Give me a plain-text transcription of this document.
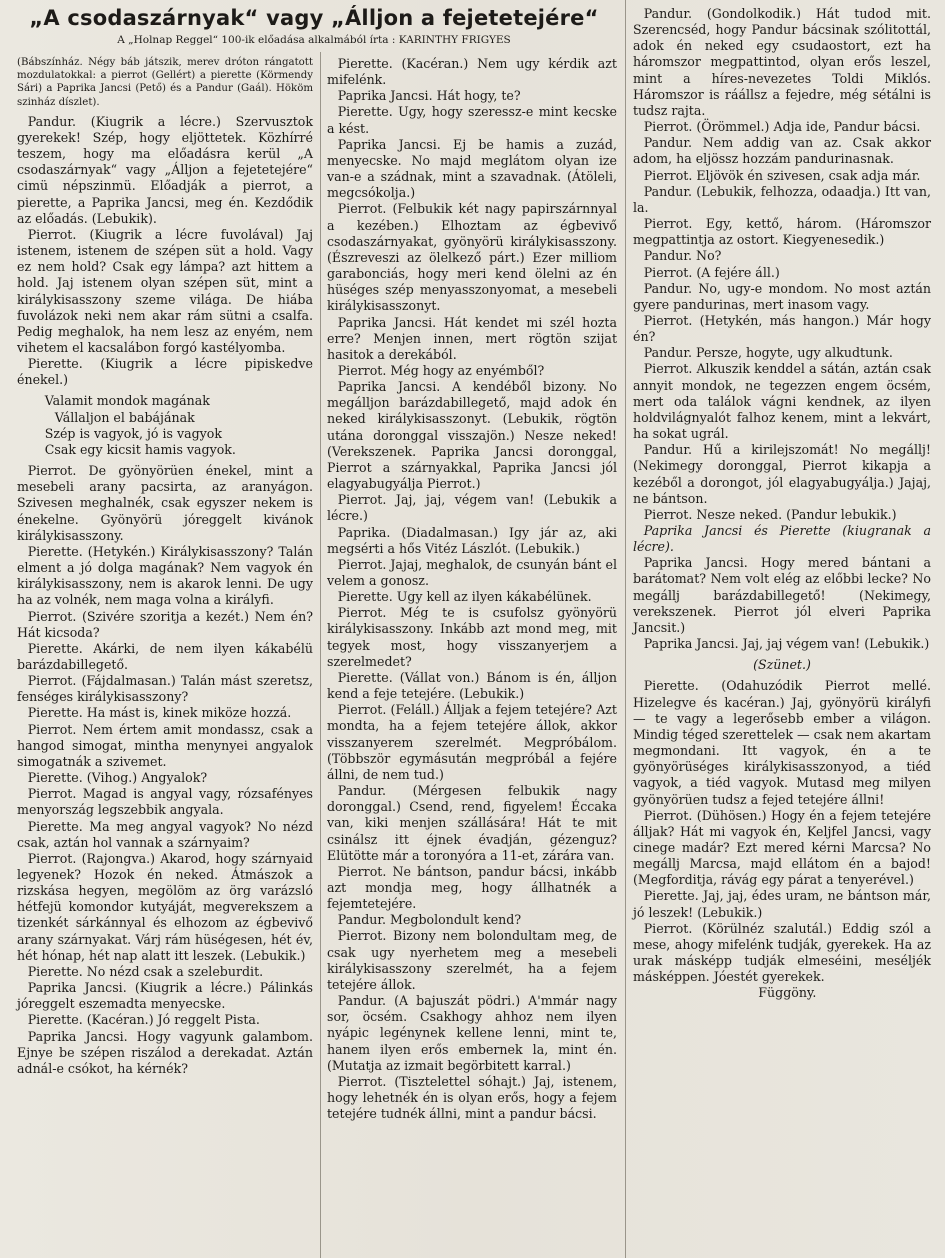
„A csodaszárnyak“ vagy „Álljon a fejetetejére“
A „Holnap Reggel“ 100-ik előadása alkalmából írta : KARINTHY FRIGYES

(Bábszínház. Négy báb játszik, merev dróton rángatott mozdulatokkal: a pierrot (Gellért) a pierette (Körmendy Sári) a Paprika Jancsi (Pető) és a Pandur (Gaál). Hököm szinház díszlet).

Pandur. (Kiugrik a lécre.) Szervusztok gyerekek! Szép, hogy eljöttetek. Közhírré teszem, hogy ma előadásra kerül „A csodaszárnyak“ vagy „Álljon a fejetetejére“ cimü népszinmü. Előadják a pierrot, a pierette, a Paprika Jancsi, meg én. Kezdődik az előadás. (Lebukik).

Pierrot. (Kiugrik a lécre fuvolával) Jaj istenem, istenem de szépen süt a hold. Vagy ez nem hold? Csak egy lámpa? azt hittem a hold. Jaj istenem olyan szépen süt, mint a királykisasszony szeme világa. De hiába fuvolázok neki nem akar rám sütni a csalfa. Pedig meghalok, ha nem lesz az enyém, nem vihetem el kacsalábon forgó kastélyomba.

Pierette. (Kiugrik a lécre pipiskedve énekel.)

Valamit mondok magának
Vállaljon el babájának
Szép is vagyok, jó is vagyok
Csak egy kicsit hamis vagyok.

Pierrot. De gyönyörüen énekel, mint a mesebeli arany pacsirta, az aranyágon. Szivesen meghalnék, csak egyszer nekem is énekelne. Gyönyörü jóreggelt kivánok királykisasszony.

Pierette. (Hetykén.) Királykisasszony? Talán elment a jó dolga magának? Nem vagyok én királykisasszony, nem is akarok lenni. De ugy ha az volnék, nem maga volna a királyfi.

Pierrot. (Szivére szoritja a kezét.) Nem én? Hát kicsoda?

Pierette. Akárki, de nem ilyen kákabélü barázdabillegető.

Pierrot. (Fájdalmasan.) Talán mást szeretsz, fenséges királykisasszony?

Pierette. Ha mást is, kinek miköze hozzá.

Pierrot. Nem értem amit mondassz, csak a hangod simogat, mintha menynyei angyalok simogatnák a szivemet.

Pierette. (Vihog.) Angyalok?

Pierrot. Magad is angyal vagy, rózsafényes menyország legszebbik angyala.

Pierette. Ma meg angyal vagyok? No nézd csak, aztán hol vannak a szárnyaim?

Pierrot. (Rajongva.) Akarod, hogy szárnyaid legyenek? Hozok én neked. Átmászok a rizskása hegyen, megölöm az örg varázsló hétfejü komondor kutyáját, megverekszem a tizenkét sárkánnyal és elhozom az égbevivő arany szárnyakat. Várj rám hüségesen, hét év, hét hónap, hét nap alatt itt leszek. (Lebukik.)

Pierette. No nézd csak a szeleburdit.

Paprika Jancsi. (Kiugrik a lécre.) Pálinkás jóreggelt eszemadta menyecske.

Pierette. (Kacéran.) Jó reggelt Pista.

Paprika Jancsi. Hogy vagyunk galambom. Ejnye be szépen riszálod a derekadat. Aztán adnál-e csókot, ha kérnék?

Pierette. (Kacéran.) Nem ugy kérdik azt mifelénk.

Paprika Jancsi. Hát hogy, te?

Pierette. Ugy, hogy szeressz-e mint kecske a kést.

Paprika Jancsi. Ej be hamis a zuzád, menyecske. No majd meglátom olyan ize van-e a szádnak, mint a szavadnak. (Átöleli, megcsókolja.)

Pierrot. (Felbukik két nagy papirszárnnyal a kezében.) Elhoztam az égbevivő csodaszárnyakat, gyönyörü királykisasszony. (Észreveszi az ölelkező párt.) Ezer milliom garabonciás, hogy meri kend ölelni az én hüséges szép menyasszonyomat, a mesebeli királykisasszonyt.

Paprika Jancsi. Hát kendet mi szél hozta erre? Menjen innen, mert rögtön szijat hasitok a derekából.

Pierrot. Még hogy az enyémből?

Paprika Jancsi. A kendéből bizony. No megálljon barázdabillegető, majd adok én neked királykisasszonyt. (Lebukik, rögtön utána doronggal visszajön.) Nesze neked! (Verekszenek. Paprika Jancsi doronggal, Pierrot a szárnyakkal, Paprika Jancsi jól elagyabugyálja Pierrot.)

Pierrot. Jaj, jaj, végem van! (Lebukik a lécre.)

Paprika. (Diadalmasan.) Igy jár az, aki megsérti a hős Vitéz Lászlót. (Lebukik.)

Pierrot. Jajaj, meghalok, de csunyán bánt el velem a gonosz.

Pierette. Ugy kell az ilyen kákabélünek.

Pierrot. Még te is csufolsz gyönyörü királykisasszony. Inkább azt mond meg, mit tegyek most, hogy visszanyerjem a szerelmedet?

Pierette. (Vállat von.) Bánom is én, álljon kend a feje tetejére. (Lebukik.)

Pierrot. (Feláll.) Álljak a fejem tetejére? Azt mondta, ha a fejem tetejére állok, akkor visszanyerem szerelmét. Megpróbálom. (Többször egymásután megpróbál a fejére állni, de nem tud.)

Pandur. (Mérgesen felbukik nagy doronggal.) Csend, rend, figyelem! Éccaka van, kiki menjen szállására! Hát te mit csinálsz itt éjnek évadján, gézenguz? Elütötte már a toronyóra a 11-et, zárára van.

Pierrot. Ne bántson, pandur bácsi, inkább azt mondja meg, hogy állhatnék a fejemtetejére.

Pandur. Megbolondult kend?

Pierrot. Bizony nem bolondultam meg, de csak ugy nyerhetem meg a mesebeli királykisasszony szerelmét, ha a fejem tetejére állok.

Pandur. (A bajuszát pödri.) A'mmár nagy sor, öcsém. Csakhogy ahhoz nem ilyen nyápic legénynek kellene lenni, mint te, hanem ilyen erős embernek la, mint én. (Mutatja az izmait begörbitett karral.)

Pierrot. (Tisztelettel sóhajt.) Jaj, istenem, hogy lehetnék én is olyan erős, hogy a fejem tetejére tudnék állni, mint a pandur bácsi.

Pandur. (Gondolkodik.) Hát tudod mit. Szerencséd, hogy Pandur bácsinak szólitottál, adok én neked egy csudaostort, ezt ha háromszor megpattintod, olyan erős leszel, mint a híres-nevezetes Toldi Miklós. Háromszor is ráállsz a fejedre, még sétálni is tudsz rajta.

Pierrot. (Örömmel.) Adja ide, Pandur bácsi.

Pandur. Nem addig van az. Csak akkor adom, ha eljössz hozzám pandurinasnak.

Pierrot. Eljövök én szivesen, csak adja már.

Pandur. (Lebukik, felhozza, odaadja.) Itt van, la.

Pierrot. Egy, kettő, három. (Háromszor megpattintja az ostort. Kiegyenesedik.)

Pandur. No?

Pierrot. (A fejére áll.)

Pandur. No, ugy-e mondom. No most aztán gyere pandurinas, mert inasom vagy.

Pierrot. (Hetykén, más hangon.) Már hogy én?

Pandur. Persze, hogyte, ugy alkudtunk.

Pierrot. Alkuszik kenddel a sátán, aztán csak annyit mondok, ne tegezzen engem öcsém, mert oda találok vágni kendnek, az ilyen holdvilágnyalót falhoz kenem, mint a lekvárt, ha sokat ugrál.

Pandur. Hű a kirilejszomát! No megállj! (Nekimegy doronggal, Pierrot kikapja a kezéből a dorongot, jól elagyabugyálja.) Jajaj, ne bántson.

Pierrot. Nesze neked. (Pandur lebukik.)

Paprika Jancsi és Pierette (kiugranak a lécre).

Paprika Jancsi. Hogy mered bántani a barátomat? Nem volt elég az előbbi lecke? No megállj barázdabillegető! (Nekimegy, verekszenek. Pierrot jól elveri Paprika Jancsit.)

Paprika Jancsi. Jaj, jaj végem van! (Lebukik.)

(Szünet.)

Pierette. (Odahuzódik Pierrot mellé. Hizelegve és kacéran.) Jaj, gyönyörü királyfi — te vagy a legerősebb ember a világon. Mindig téged szerettelek — csak nem akartam megmondani. Itt vagyok, én a te gyönyörüséges királykisasszonyod, a tiéd vagyok, a tiéd vagyok. Mutasd meg milyen gyönyörüen tudsz a fejed tetejére állni!

Pierrot. (Dühösen.) Hogy én a fejem tetejére álljak? Hát mi vagyok én, Keljfel Jancsi, vagy cinege madár? Ezt mered kérni Marcsa? No megállj Marcsa, majd ellátom én a bajod! (Megforditja, rávág egy párat a tenyerével.)

Pierette. Jaj, jaj, édes uram, ne bántson már, jó leszek! (Lebukik.)

Pierrot. (Körülnéz szalutál.) Eddig szól a mese, ahogy mifelénk tudják, gyerekek. Ha az urak másképp tudják elmeséini, meséljék másképpen. Jóestét gyerekek.

Függöny.
